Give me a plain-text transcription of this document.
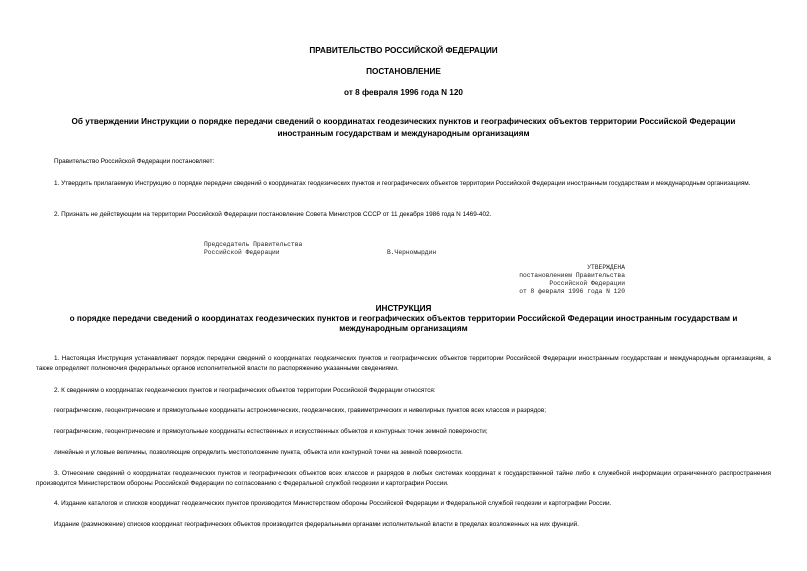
ПРАВИТЕЛЬСТВО РОССИЙСКОЙ ФЕДЕРАЦИИ
ПОСТАНОВЛЕНИЕ
от 8 февраля 1996 года N 120
Об утверждении Инструкции о порядке передачи сведений о координатах геодезических пунктов и географических объектов территории Российской Федерации
иностранным государствам и международным организациям
Правительство Российской Федерации постановляет:
1. Утвердить прилагаемую Инструкцию о порядке передачи сведений о координатах геодезических пунктов и географических объектов территории Российской Федерации иностранным государствам и международным организациям.
2. Признать не действующим на территории Российской Федерации постановление Совета Министров СССР от 11 декабря 1986 года N 1469-402.
Председатель Правительства
Российской Федерации	В.Черномырдин
УТВЕРЖДЕНА
постановлением Правительства
Российской Федерации
от 8 февраля 1996 года N 120
ИНСТРУКЦИЯ
о порядке передачи сведений о координатах геодезических пунктов и географических объектов территории Российской Федерации иностранным государствам и
международным организациям
1. Настоящая Инструкция устанавливает порядок передачи сведений о координатах геодезических пунктов и географических объектов территории Российской Федерации иностранным государствам и международным организациям, а также определяет полномочия федеральных органов исполнительной власти по распоряжению указанными сведениями.
2. К сведениям о координатах геодезических пунктов и географических объектов территории Российской Федерации относятся:
географические, геоцентрические и прямоугольные координаты астрономических, геодезических, гравиметрических и нивелирных пунктов всех классов и разрядов;
географические, геоцентрические и прямоугольные координаты естественных и искусственных объектов и контурных точек земной поверхности;
линейные и угловые величины, позволяющие определить местоположение пункта, объекта или контурной точки на земной поверхности.
3. Отнесение сведений о координатах геодезических пунктов и географических объектов всех классов и разрядов в любых системах координат к государственной тайне либо к служебной информации ограниченного распространения производится Министерством обороны Российской Федерации по согласованию с Федеральной службой геодезии и картографии России.
4. Издание каталогов и списков координат геодезических пунктов производится Министерством обороны Российской Федерации и Федеральной службой геодезии и картографии России.
Издание (размножение) списков координат географических объектов производится федеральными органами исполнительной власти в пределах возложенных на них функций.
